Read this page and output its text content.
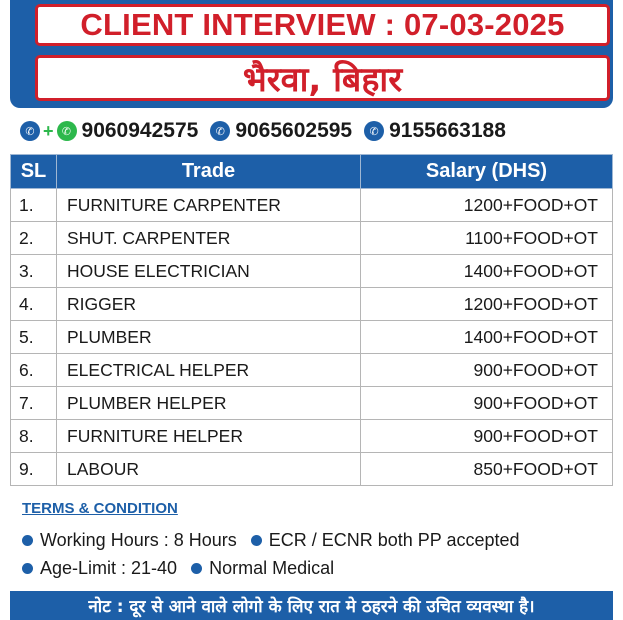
CLIENT INTERVIEW : 07-03-2025
भैरवा, बिहार
✆ + ✆ 9060942575	✆ 9065602595	✆ 9155663188
SL	Trade	Salary (DHS)
1.	FURNITURE CARPENTER	1200+FOOD+OT
2.	SHUT. CARPENTER	1100+FOOD+OT
3.	HOUSE ELECTRICIAN	1400+FOOD+OT
4.	RIGGER	1200+FOOD+OT
5.	PLUMBER	1400+FOOD+OT
6.	ELECTRICAL HELPER	900+FOOD+OT
7.	PLUMBER HELPER	900+FOOD+OT
8.	FURNITURE HELPER	900+FOOD+OT
9.	LABOUR	850+FOOD+OT
TERMS & CONDITION
Working Hours : 8 Hours ECR / ECNR both PP accepted
Age-Limit : 21-40 Normal Medical
नोट : दूर से आने वाले लोगो के लिए रात मे ठहरने की उचित व्यवस्था है।
